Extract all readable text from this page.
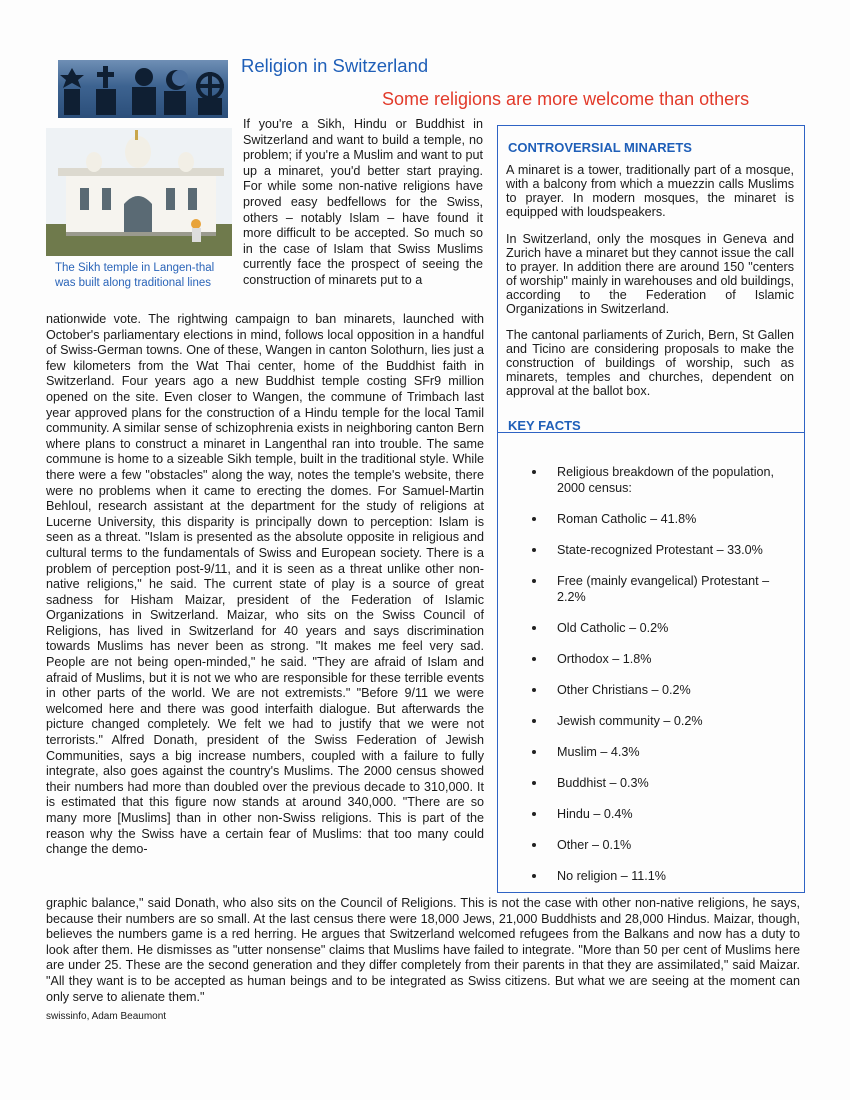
Religion in Switzerland
Some religions are more welcome than others
The Sikh temple in Langen-thal was built along traditional lines
If you're a Sikh, Hindu or Buddhist in Switzerland and want to build a temple, no problem; if you're a Muslim and want to put up a minaret, you'd better start praying. For while some non-native religions have proved easy bedfellows for the Swiss, others – notably Islam – have found it more difficult to be accepted. So much so in the case of Islam that Swiss Muslims currently face the prospect of seeing the construction of minarets put to a
nationwide vote. The rightwing campaign to ban minarets, launched with October's parliamentary elections in mind, follows local opposition in a handful of Swiss-German towns. One of these, Wangen in canton Solothurn, lies just a few kilometers from the Wat Thai center, home of the Buddhist faith in Switzerland. Four years ago a new Buddhist temple costing SFr9 million opened on the site. Even closer to Wangen, the commune of Trimbach last year approved plans for the construction of a Hindu temple for the local Tamil community. A similar sense of schizophrenia exists in neighboring canton Bern where plans to construct a minaret in Langenthal ran into trouble. The same commune is home to a sizeable Sikh temple, built in the traditional style. While there were a few "obstacles" along the way, notes the temple's website, there were no problems when it came to erecting the domes. For Samuel-Martin Behloul, research assistant at the department for the study of religions at Lucerne University, this disparity is principally down to perception: Islam is seen as a threat. "Islam is presented as the absolute opposite in religious and cultural terms to the fundamentals of Swiss and European society. There is a problem of perception post-9/11, and it is seen as a threat unlike other non-native religions," he said. The current state of play is a source of great sadness for Hisham Maizar, president of the Federation of Islamic Organizations in Switzerland. Maizar, who sits on the Swiss Council of Religions, has lived in Switzerland for 40 years and says discrimination towards Muslims has never been as strong. "It makes me feel very sad. People are not being open-minded," he said. "They are afraid of Islam and afraid of Muslims, but it is not we who are responsible for these terrible events in other parts of the world. We are not extremists." "Before 9/11 we were welcomed here and there was good interfaith dialogue. But afterwards the picture changed completely. We felt we had to justify that we were not terrorists." Alfred Donath, president of the Swiss Federation of Jewish Communities, says a big increase numbers, coupled with a failure to fully integrate, also goes against the country's Muslims. The 2000 census showed their numbers had more than doubled over the previous decade to 310,000. It is estimated that this figure now stands at around 340,000. "There are so many more [Muslims] than in other non-Swiss religions. This is part of the reason why the Swiss have a certain fear of Muslims: that too many could change the demo-
graphic balance," said Donath, who also sits on the Council of Religions. This is not the case with other non-native religions, he says, because their numbers are so small. At the last census there were 18,000 Jews, 21,000 Buddhists and 28,000 Hindus. Maizar, though, believes the numbers game is a red herring. He argues that Switzerland welcomed refugees from the Balkans and now has a duty to look after them. He dismisses as "utter nonsense" claims that Muslims have failed to integrate. "More than 50 per cent of Muslims here are under 25. These are the second generation and they differ completely from their parents in that they are assimilated," said Maizar. "All they want is to be accepted as human beings and to be integrated as Swiss citizens. But what we are seeing at the moment can only serve to alienate them."
swissinfo, Adam Beaumont
CONTROVERSIAL MINARETS
A minaret is a tower, traditionally part of a mosque, with a balcony from which a muezzin calls Muslims to prayer. In modern mosques, the minaret is equipped with loudspeakers.
In Switzerland, only the mosques in Geneva and Zurich have a minaret but they cannot issue the call to prayer. In addition there are around 150 "centers of worship" mainly in warehouses and old buildings, according to the Federation of Islamic Organizations in Switzerland.
The cantonal parliaments of Zurich, Bern, St Gallen and Ticino are considering proposals to make the construction of buildings of worship, such as minarets, temples and churches, dependent on approval at the ballot box.
KEY FACTS
Religious breakdown of the population, 2000 census:
Roman Catholic – 41.8%
State-recognized Protestant – 33.0%
Free (mainly evangelical) Protestant – 2.2%
Old Catholic – 0.2%
Orthodox – 1.8%
Other Christians – 0.2%
Jewish community – 0.2%
Muslim – 4.3%
Buddhist – 0.3%
Hindu – 0.4%
Other – 0.1%
No religion – 11.1%
